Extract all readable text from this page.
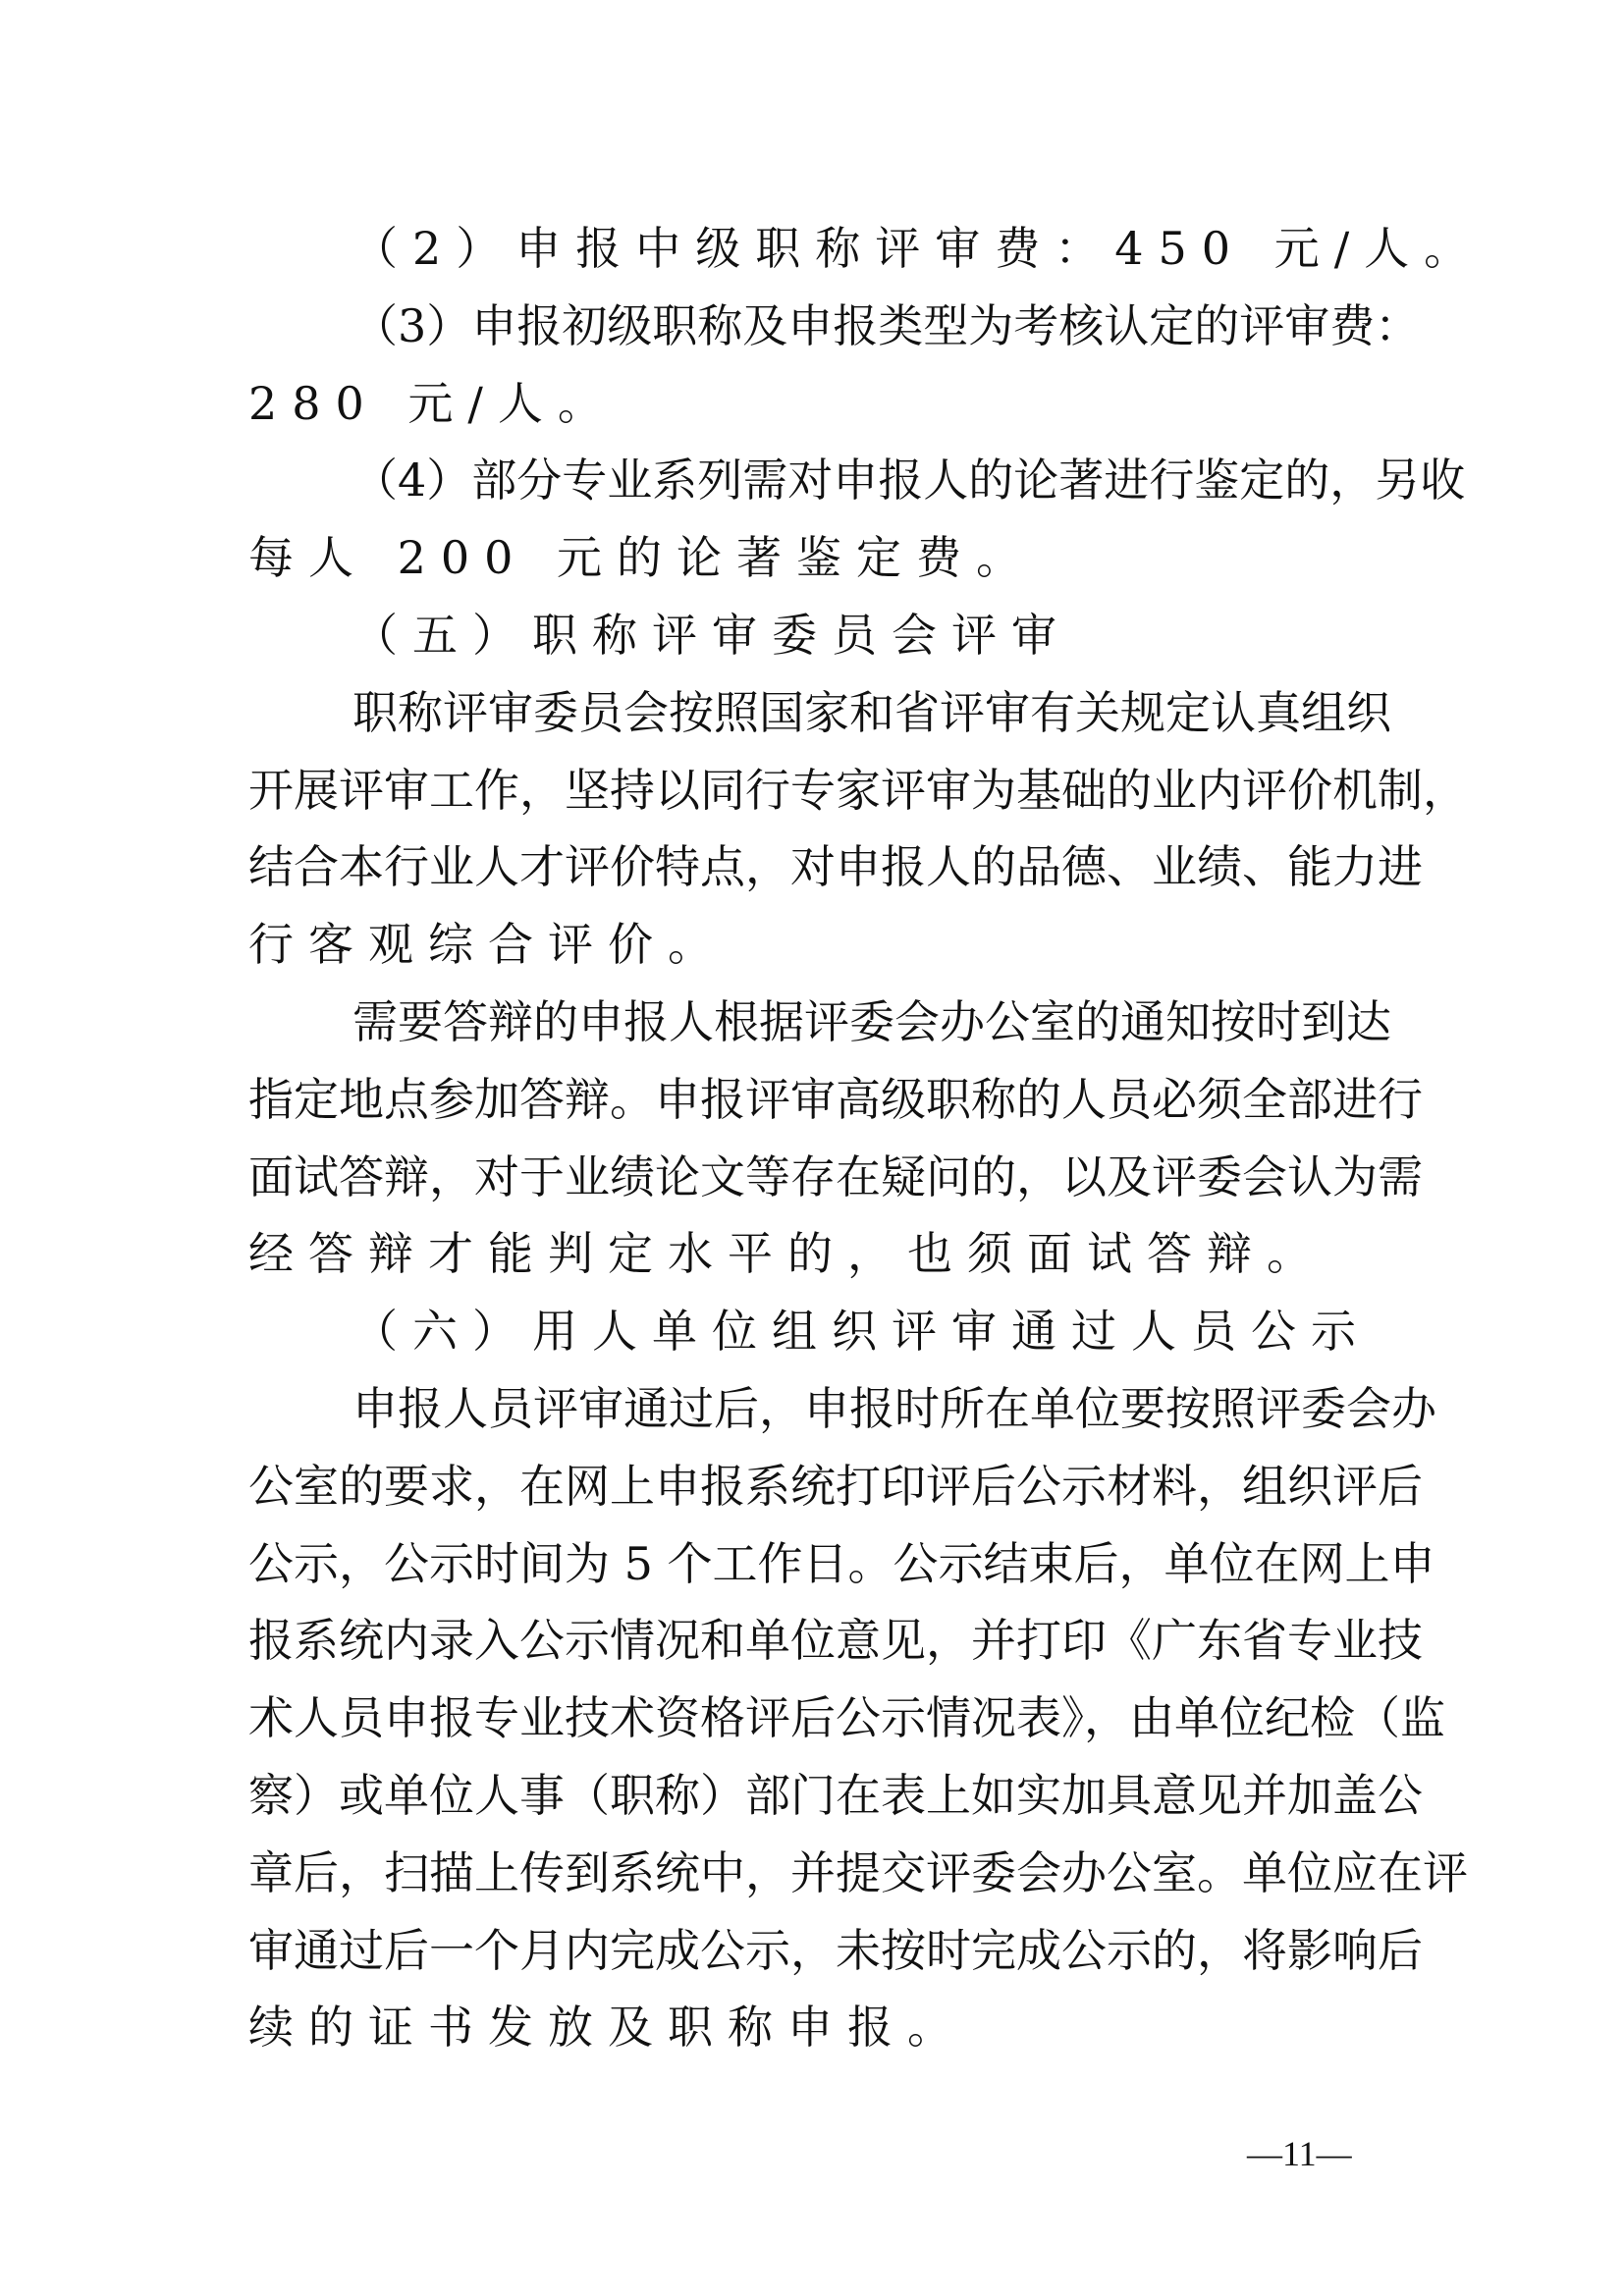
（2）申报中级职称评审费：450 元/人。
（3）申报初级职称及申报类型为考核认定的评审费：
280 元/人。
（4）部分专业系列需对申报人的论著进行鉴定的，另收
每人 200 元的论著鉴定费。
（五）职称评审委员会评审
职称评审委员会按照国家和省评审有关规定认真组织
开展评审工作，坚持以同行专家评审为基础的业内评价机制，
结合本行业人才评价特点，对申报人的品德、业绩、能力进
行客观综合评价。
需要答辩的申报人根据评委会办公室的通知按时到达
指定地点参加答辩。申报评审高级职称的人员必须全部进行
面试答辩，对于业绩论文等存在疑问的，以及评委会认为需
经答辩才能判定水平的，也须面试答辩。
（六）用人单位组织评审通过人员公示
申报人员评审通过后，申报时所在单位要按照评委会办
公室的要求，在网上申报系统打印评后公示材料，组织评后
公示，公示时间为 5 个工作日。公示结束后，单位在网上申
报系统内录入公示情况和单位意见，并打印《广东省专业技
术人员申报专业技术资格评后公示情况表》，由单位纪检（监
察）或单位人事（职称）部门在表上如实加具意见并加盖公
章后，扫描上传到系统中，并提交评委会办公室。单位应在评
审通过后一个月内完成公示，未按时完成公示的，将影响后
续的证书发放及职称申报。
—11—
